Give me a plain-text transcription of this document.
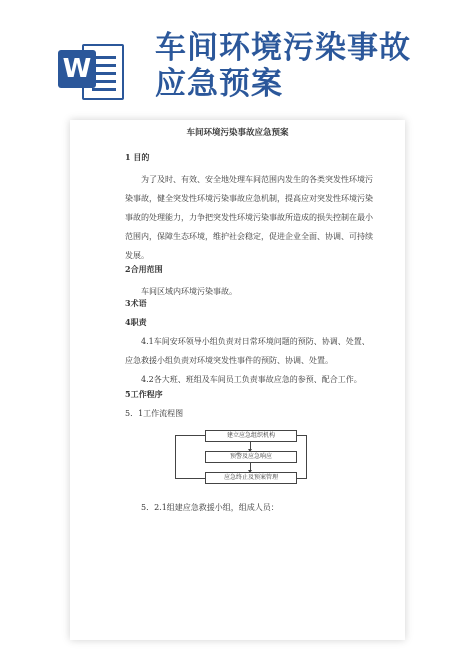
W
车间环境污染事故
应急预案
车间环境污染事故应急预案

1 目的

为了及时、有效、安全地处理车间范围内发生的各类突发性环境污染事故，健全突发性环境污染事故应急机制，提高应对突发性环境污染事故的处理能力，力争把突发性环境污染事故所造成的损失控制在最小范围内，保障生态环境，维护社会稳定，促进企业全面、协调、可持续发展。

2合用范围

车间区域内环境污染事故。

3术语

4职责

4.1车间安环领导小组负责对日常环境问题的预防、协调、处置、应急救援小组负责对环境突发性事件的预防、协调、处置。

4.2各大班、班组及车间员工负责事故应急的参预、配合工作。

5工作程序

5．1工作流程图

建立应急组织机构
预警及应急响应
应急终止及预案管理

5．2.1组建应急救援小组，组成人员：
